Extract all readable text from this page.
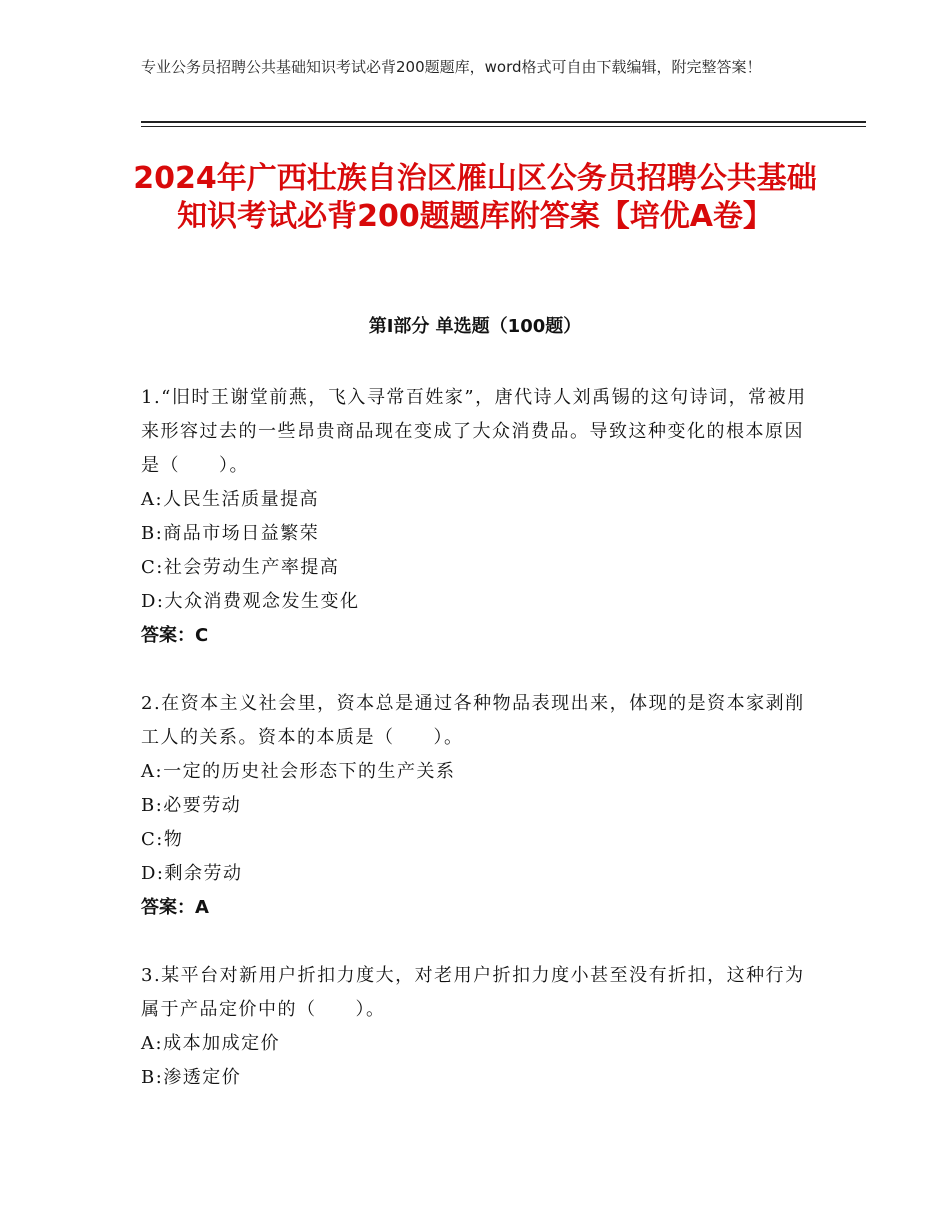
专业公务员招聘公共基础知识考试必背200题题库，word格式可自由下载编辑，附完整答案！
2024年广西壮族自治区雁山区公务员招聘公共基础知识考试必背200题题库附答案【培优A卷】
第Ⅰ部分 单选题（100题）

1.“旧时王谢堂前燕，飞入寻常百姓家”，唐代诗人刘禹锡的这句诗词，常被用来形容过去的一些昂贵商品现在变成了大众消费品。导致这种变化的根本原因是（　　）。

A:人民生活质量提高

B:商品市场日益繁荣

C:社会劳动生产率提高

D:大众消费观念发生变化

答案：C

2.在资本主义社会里，资本总是通过各种物品表现出来，体现的是资本家剥削工人的关系。资本的本质是（　　）。

A:一定的历史社会形态下的生产关系

B:必要劳动

C:物

D:剩余劳动

答案：A

3.某平台对新用户折扣力度大，对老用户折扣力度小甚至没有折扣，这种行为属于产品定价中的（　　）。

A:成本加成定价

B:渗透定价
